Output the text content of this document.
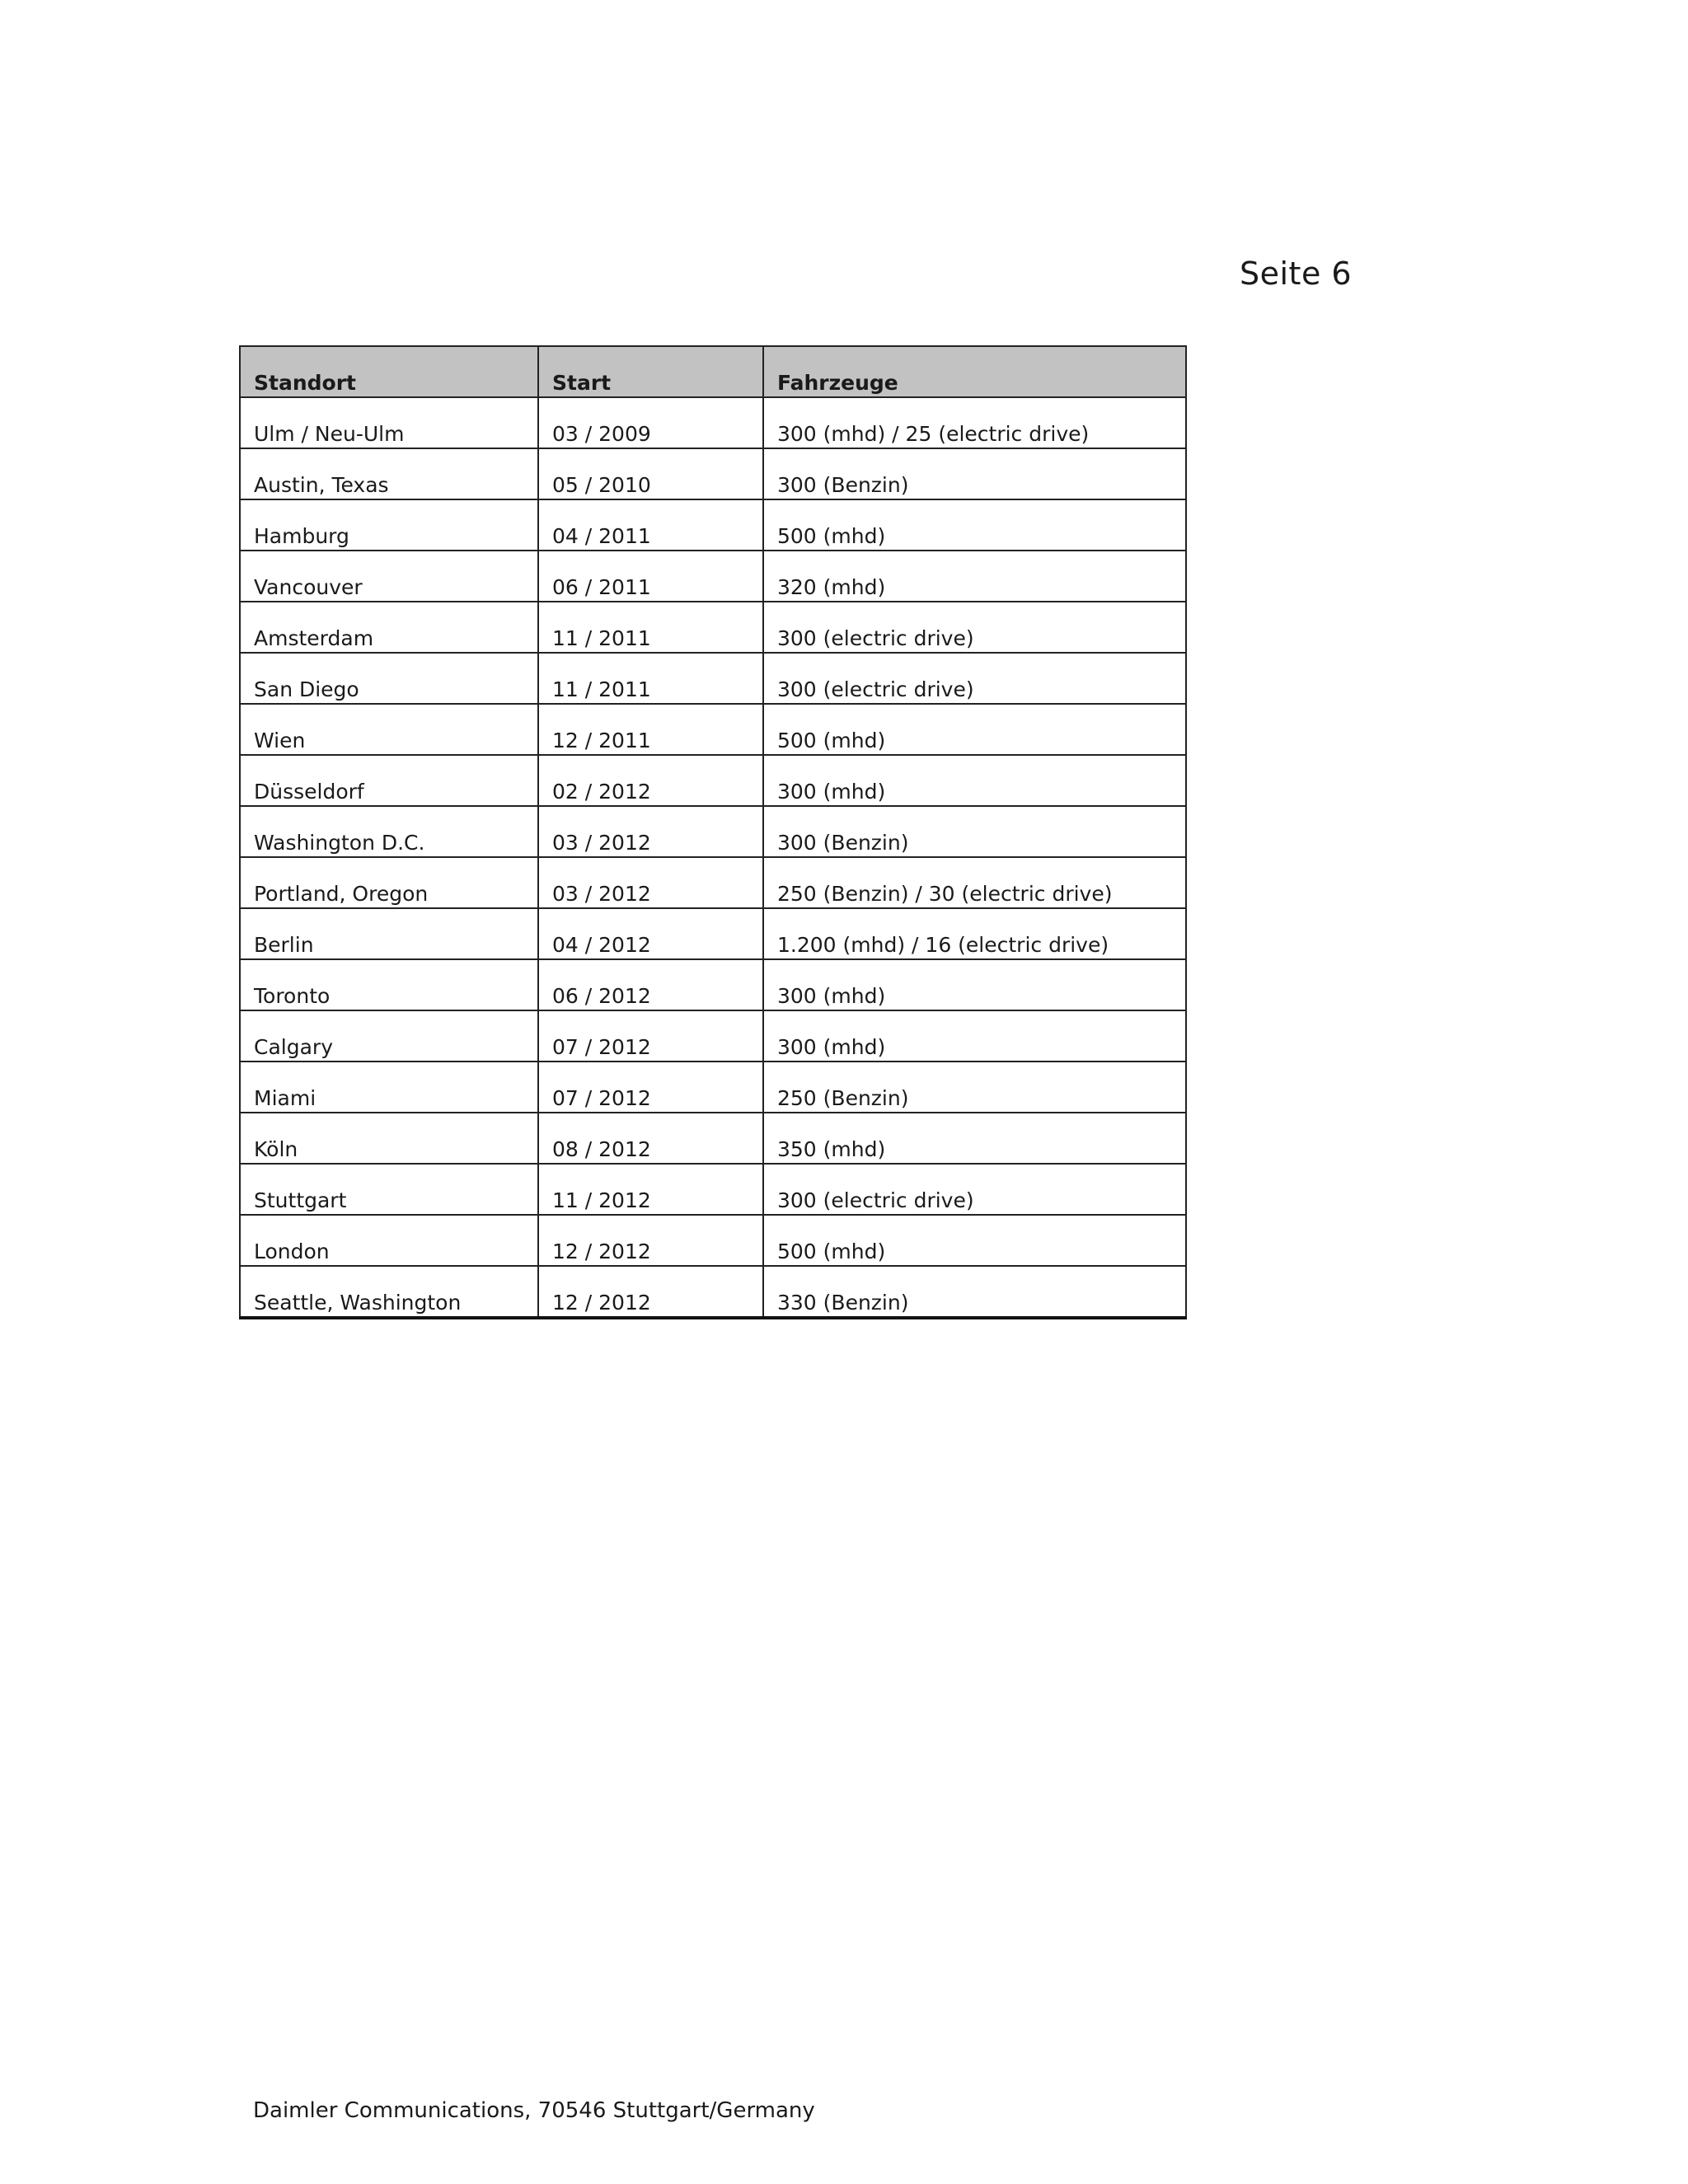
Seite 6
Standort	Start	Fahrzeuge
Ulm / Neu-Ulm	03 / 2009	300 (mhd) / 25 (electric drive)
Austin, Texas	05 / 2010	300 (Benzin)
Hamburg	04 / 2011	500 (mhd)
Vancouver	06 / 2011	320 (mhd)
Amsterdam	11 / 2011	300 (electric drive)
San Diego	11 / 2011	300 (electric drive)
Wien	12 / 2011	500 (mhd)
Düsseldorf	02 / 2012	300 (mhd)
Washington D.C.	03 / 2012	300 (Benzin)
Portland, Oregon	03 / 2012	250 (Benzin) / 30 (electric drive)
Berlin	04 / 2012	1.200 (mhd) / 16 (electric drive)
Toronto	06 / 2012	300 (mhd)
Calgary	07 / 2012	300 (mhd)
Miami	07 / 2012	250 (Benzin)
Köln	08 / 2012	350 (mhd)
Stuttgart	11 / 2012	300 (electric drive)
London	12 / 2012	500 (mhd)
Seattle, Washington	12 / 2012	330 (Benzin)
Daimler Communications, 70546 Stuttgart/Germany
